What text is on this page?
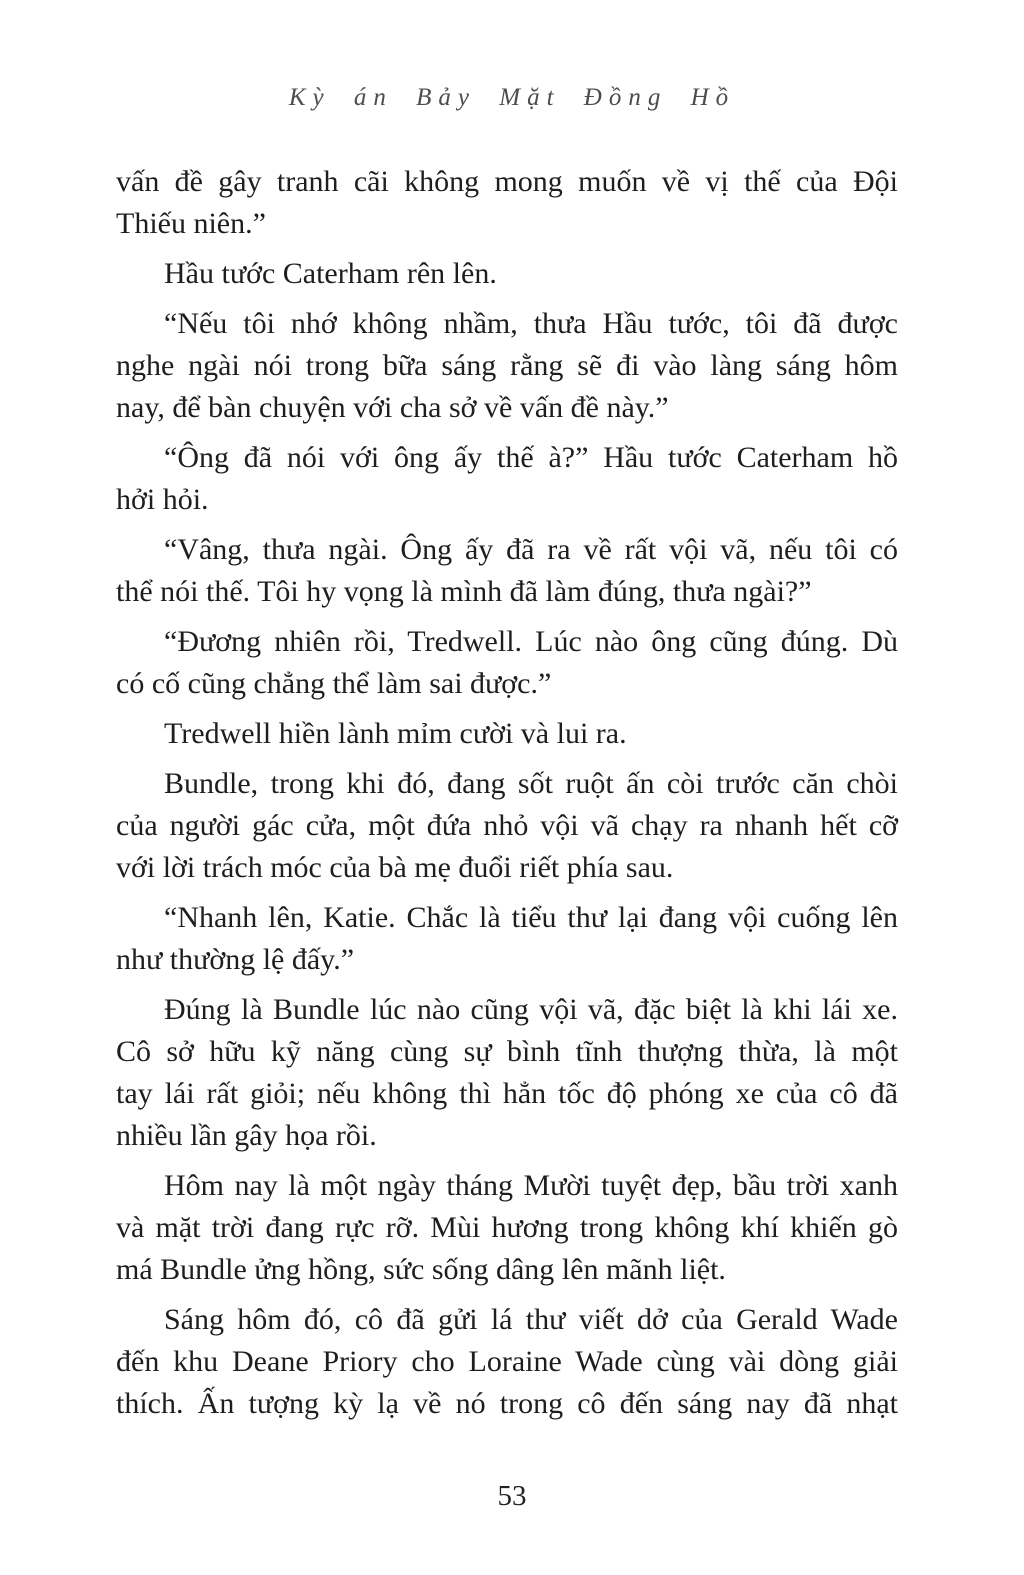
Kỳ án Bảy Mặt Đồng Hồ

vấn đề gây tranh cãi không mong muốn về vị thế của Đội
Thiếu niên.”

Hầu tước Caterham rên lên.

“Nếu tôi nhớ không nhầm, thưa Hầu tước, tôi đã được
nghe ngài nói trong bữa sáng rằng sẽ đi vào làng sáng hôm
nay, để bàn chuyện với cha sở về vấn đề này.”

“Ông đã nói với ông ấy thế à?” Hầu tước Caterham hồ
hởi hỏi.

“Vâng, thưa ngài. Ông ấy đã ra về rất vội vã, nếu tôi có
thể nói thế. Tôi hy vọng là mình đã làm đúng, thưa ngài?”

“Đương nhiên rồi, Tredwell. Lúc nào ông cũng đúng. Dù
có cố cũng chẳng thể làm sai được.”

Tredwell hiền lành mỉm cười và lui ra.

Bundle, trong khi đó, đang sốt ruột ấn còi trước căn chòi
của người gác cửa, một đứa nhỏ vội vã chạy ra nhanh hết cỡ
với lời trách móc của bà mẹ đuổi riết phía sau.

“Nhanh lên, Katie. Chắc là tiểu thư lại đang vội cuống lên
như thường lệ đấy.”

Đúng là Bundle lúc nào cũng vội vã, đặc biệt là khi lái xe.
Cô sở hữu kỹ năng cùng sự bình tĩnh thượng thừa, là một
tay lái rất giỏi; nếu không thì hẳn tốc độ phóng xe của cô đã
nhiều lần gây họa rồi.

Hôm nay là một ngày tháng Mười tuyệt đẹp, bầu trời xanh
và mặt trời đang rực rỡ. Mùi hương trong không khí khiến gò
má Bundle ửng hồng, sức sống dâng lên mãnh liệt.

Sáng hôm đó, cô đã gửi lá thư viết dở của Gerald Wade
đến khu Deane Priory cho Loraine Wade cùng vài dòng giải
thích. Ấn tượng kỳ lạ về nó trong cô đến sáng nay đã nhạt

53
